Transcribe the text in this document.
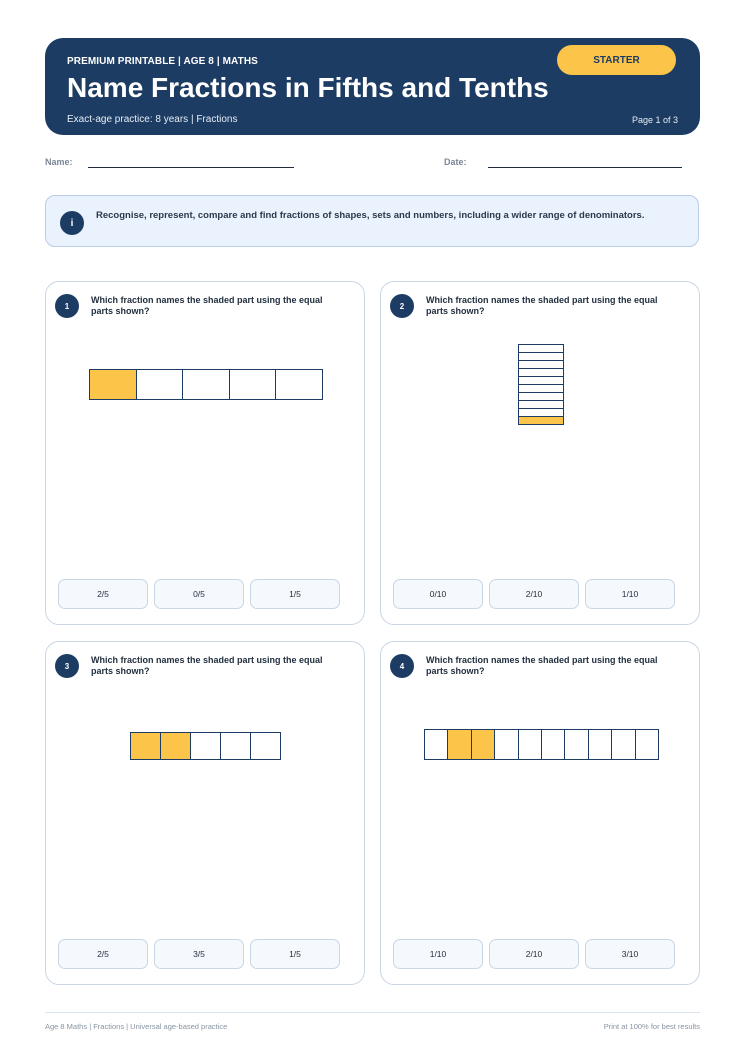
PREMIUM PRINTABLE | AGE 8 | MATHS
Name Fractions in Fifths and Tenths
Exact-age practice: 8 years | Fractions	Page 1 of 3
STARTER
Name:	Date:
i
Recognise, represent, compare and find fractions of shapes, sets and numbers, including a wider range of denominators.
1
Which fraction names the shaded part using the equal parts shown?
2/5	0/5	1/5
2
Which fraction names the shaded part using the equal parts shown?
0/10	2/10	1/10
3
Which fraction names the shaded part using the equal parts shown?
2/5	3/5	1/5
4
Which fraction names the shaded part using the equal parts shown?
1/10	2/10	3/10
Age 8 Maths | Fractions | Universal age-based practice	Print at 100% for best results
